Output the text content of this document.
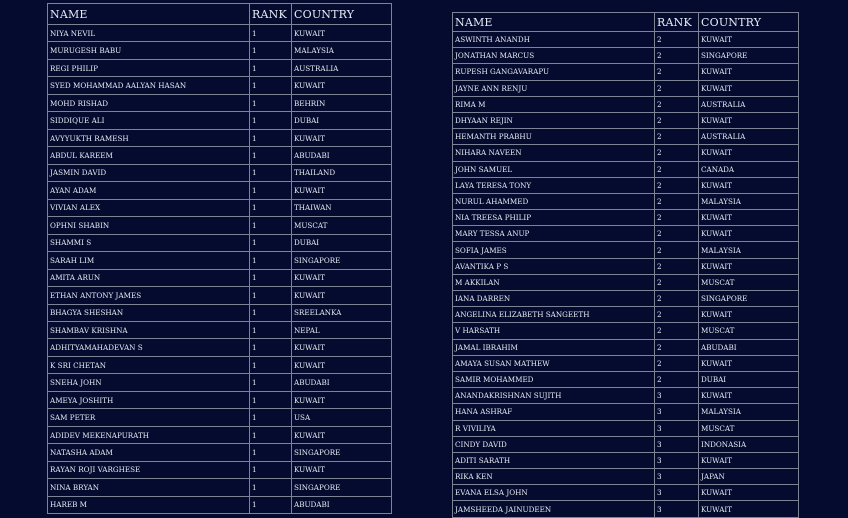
NAME	RANK	COUNTRY
NIYA NEVIL	1	KUWAIT
MURUGESH BABU	1	MALAYSIA
REGI PHILIP	1	AUSTRALIA
SYED MOHAMMAD AALYAN HASAN	1	KUWAIT
MOHD RISHAD	1	BEHRIN
SIDDIQUE ALI	1	DUBAI
AVYYUKTH RAMESH	1	KUWAIT
ABDUL KAREEM	1	ABUDABI
JASMIN DAVID	1	THAILAND
AYAN ADAM	1	KUWAIT
VIVIAN ALEX	1	THAIWAN
OPHNI SHABIN	1	MUSCAT
SHAMMI S	1	DUBAI
SARAH LIM	1	SINGAPORE
AMITA ARUN	1	KUWAIT
ETHAN ANTONY JAMES	1	KUWAIT
BHAGYA SHESHAN	1	SREELANKA
SHAMBAV KRISHNA	1	NEPAL
ADHITYAMAHADEVAN S	1	KUWAIT
K SRI CHETAN	1	KUWAIT
SNEHA JOHN	1	ABUDABI
AMEYA JOSHITH	1	KUWAIT
SAM PETER	1	USA
ADIDEV MEKENAPURATH	1	KUWAIT
NATASHA ADAM	1	SINGAPORE
RAYAN ROJI VARGHESE	1	KUWAIT
NINA BRYAN	1	SINGAPORE
HAREB M	1	ABUDABI
NAME	RANK	COUNTRY
ASWINTH ANANDH	2	KUWAIT
JONATHAN MARCUS	2	SINGAPORE
RUPESH GANGAVARAPU	2	KUWAIT
JAYNE ANN RENJU	2	KUWAIT
RIMA M	2	AUSTRALIA
DHYAAN REJIN	2	KUWAIT
HEMANTH PRABHU	2	AUSTRALIA
NIHARA NAVEEN	2	KUWAIT
JOHN SAMUEL	2	CANADA
LAYA TERESA TONY	2	KUWAIT
NURUL AHAMMED	2	MALAYSIA
NIA TREESA PHILIP	2	KUWAIT
MARY TESSA ANUP	2	KUWAIT
SOFIA JAMES	2	MALAYSIA
AVANTIKA P S	2	KUWAIT
M AKKILAN	2	MUSCAT
IANA DARREN	2	SINGAPORE
ANGELINA ELIZABETH SANGEETH	2	KUWAIT
V HARSATH	2	MUSCAT
JAMAL IBRAHIM	2	ABUDABI
AMAYA SUSAN MATHEW	2	KUWAIT
SAMIR MOHAMMED	2	DUBAI
ANANDAKRISHNAN SUJITH	3	KUWAIT
HANA ASHRAF	3	MALAYSIA
R VIVILIYA	3	MUSCAT
CINDY DAVID	3	INDONASIA
ADITI SARATH	3	KUWAIT
RIKA KEN	3	JAPAN
EVANA ELSA JOHN	3	KUWAIT
JAMSHEEDA JAINUDEEN	3	KUWAIT
